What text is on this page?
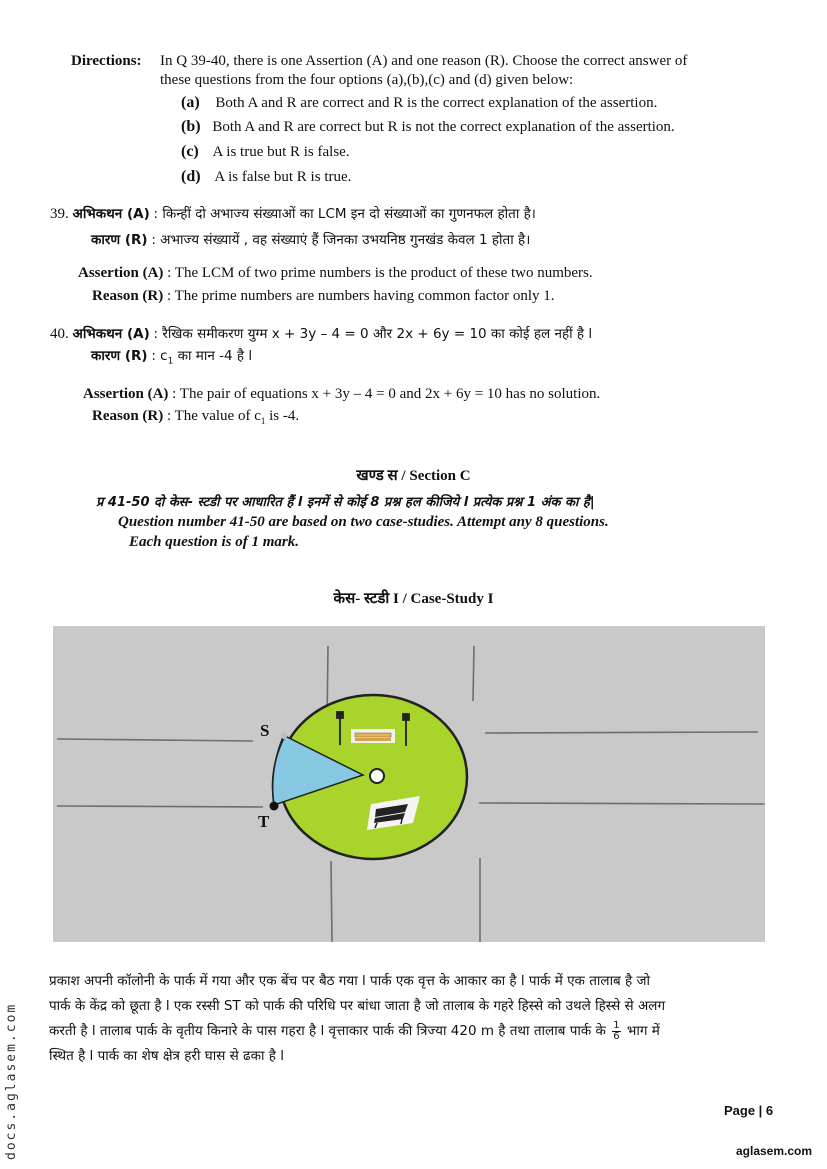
Directions: In Q 39-40, there is one Assertion (A) and one reason (R). Choose the correct answer of
these questions from the four options (a),(b),(c) and (d) given below:
(a) Both A and R are correct and R is the correct explanation of the assertion.
(b) Both A and R are correct but R is not the correct explanation of the assertion.
(c) A is true but R is false.
(d) A is false but R is true.
39. अभिकथन (A) : किन्हीं दो अभाज्य संख्याओं का LCM इन दो संख्याओं का गुणनफल होता है।
कारण (R) : अभाज्य संख्यायें , वह संख्याएं हैं जिनका उभयनिष्ठ गुनखंड केवल 1 होता है।
Assertion (A) : The LCM of two prime numbers is the product of these two numbers.
Reason (R) : The prime numbers are numbers having common factor only 1.
40. अभिकथन (A) : रैखिक समीकरण युग्म x + 3y – 4 = 0 और 2x + 6y = 10 का कोई हल नहीं है l
कारण (R) : $c_1$ का मान -4 है l
Assertion (A) : The pair of equations x + 3y – 4 = 0 and 2x + 6y = 10 has no solution.
Reason (R) : The value of $c_1$ is -4.
खण्ड स / Section C
प्र 41-50 दो केस- स्टडी पर आधारित हैं l इनमें से कोई 8 प्रश्न हल कीजिये l प्रत्येक प्रश्न 1 अंक का है|
Question number 41-50 are based on two case-studies. Attempt any 8 questions.
Each question is of 1 mark.
केस- स्टडी I / Case-Study I
S
T
प्रकाश अपनी कॉलोनी के पार्क में गया और एक बेंच पर बैठ गया l पार्क एक वृत्त के आकार का है l पार्क में एक तालाब है जो
पार्क के केंद्र को छूता है l एक रस्सी ST को पार्क की परिधि पर बांधा जाता है जो तालाब के गहरे हिस्से को उथले हिस्से से अलग
करती है l तालाब पार्क के वृतीय किनारे के पास गहरा है l वृत्ताकार पार्क की त्रिज्या 420 m है तथा तालाब पार्क के $\frac{1}{6}$ भाग में
स्थित है l पार्क का शेष क्षेत्र हरी घास से ढका है l
Page | 6
aglasem.com
docs.aglasem.com
